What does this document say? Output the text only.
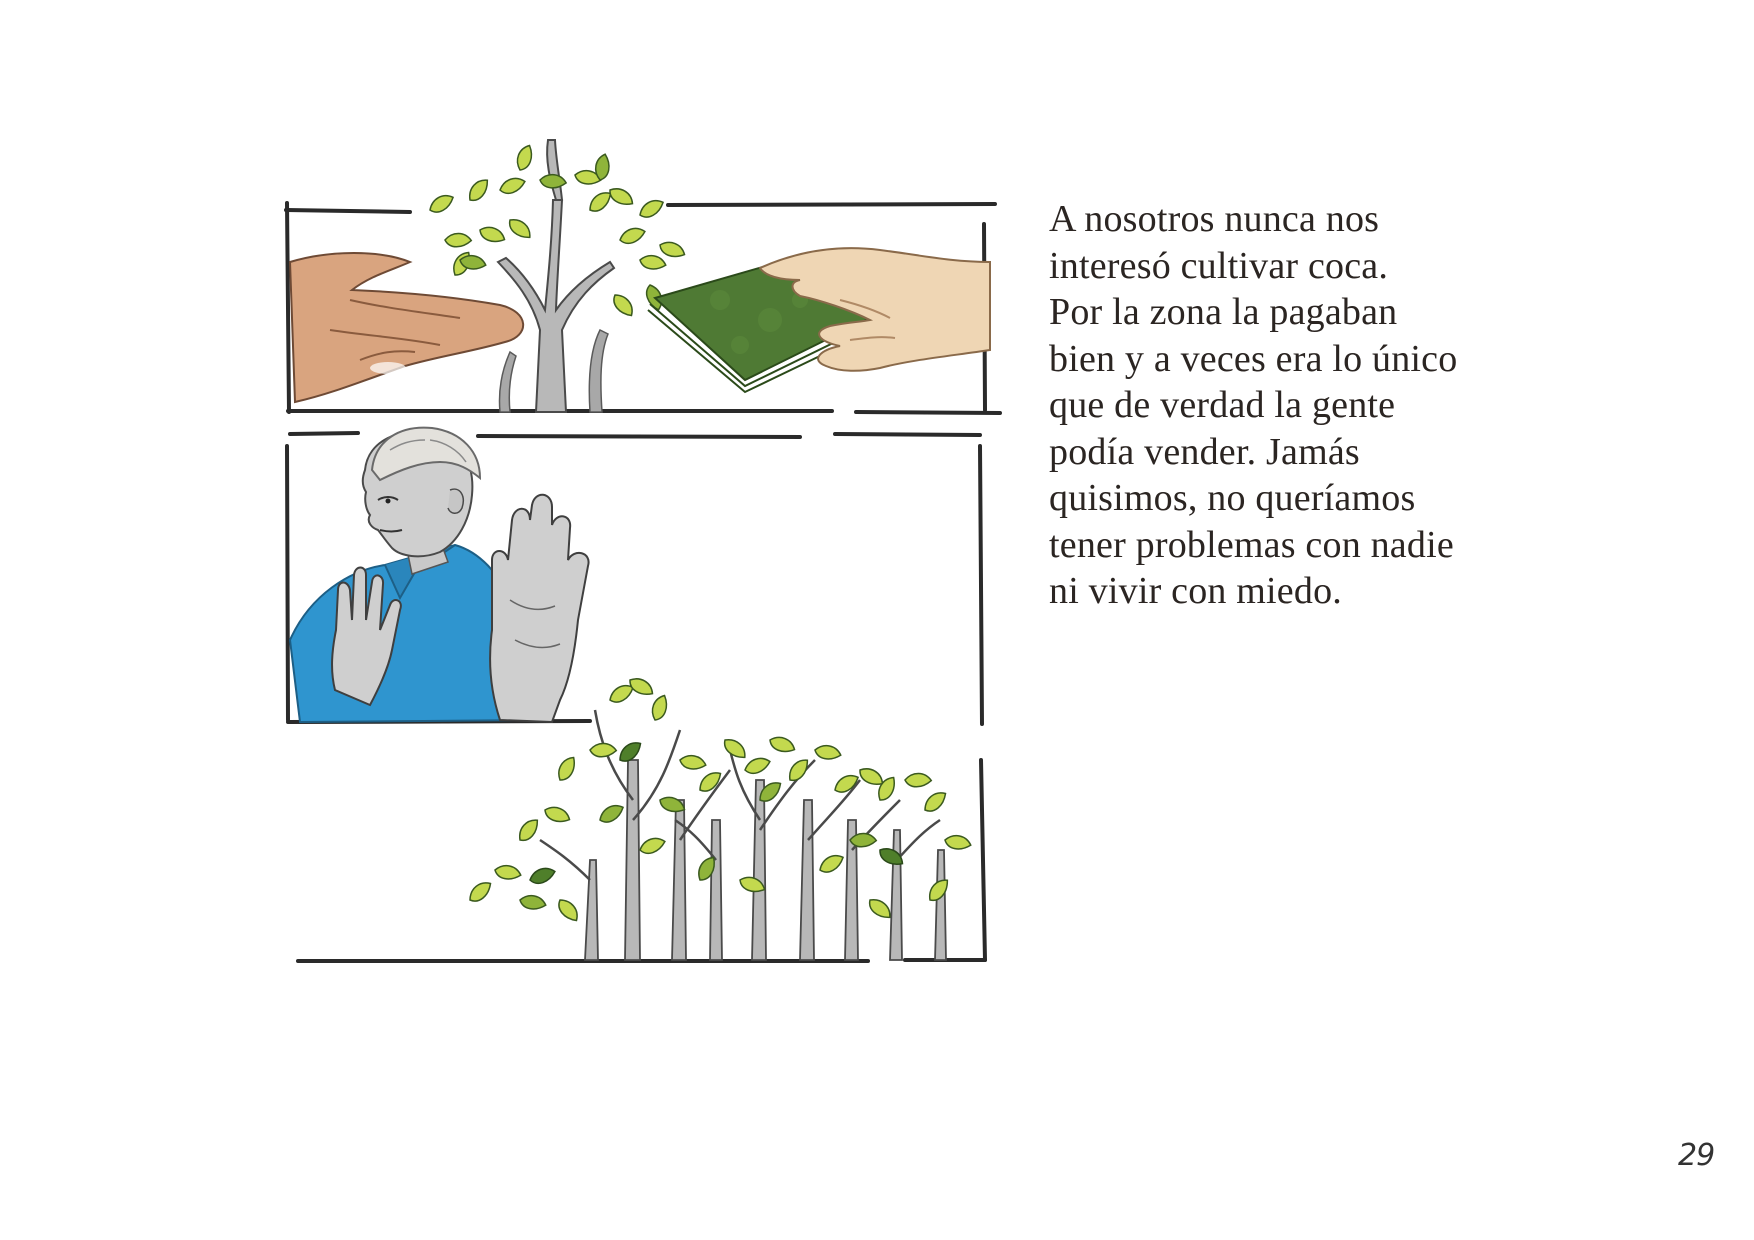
A nosotros nunca nos
interesó cultivar coca.
Por la zona la pagaban
bien y a veces era lo único
que de verdad la gente
podía vender. Jamás
quisimos, no queríamos
tener problemas con nadie
ni vivir con miedo.

29
